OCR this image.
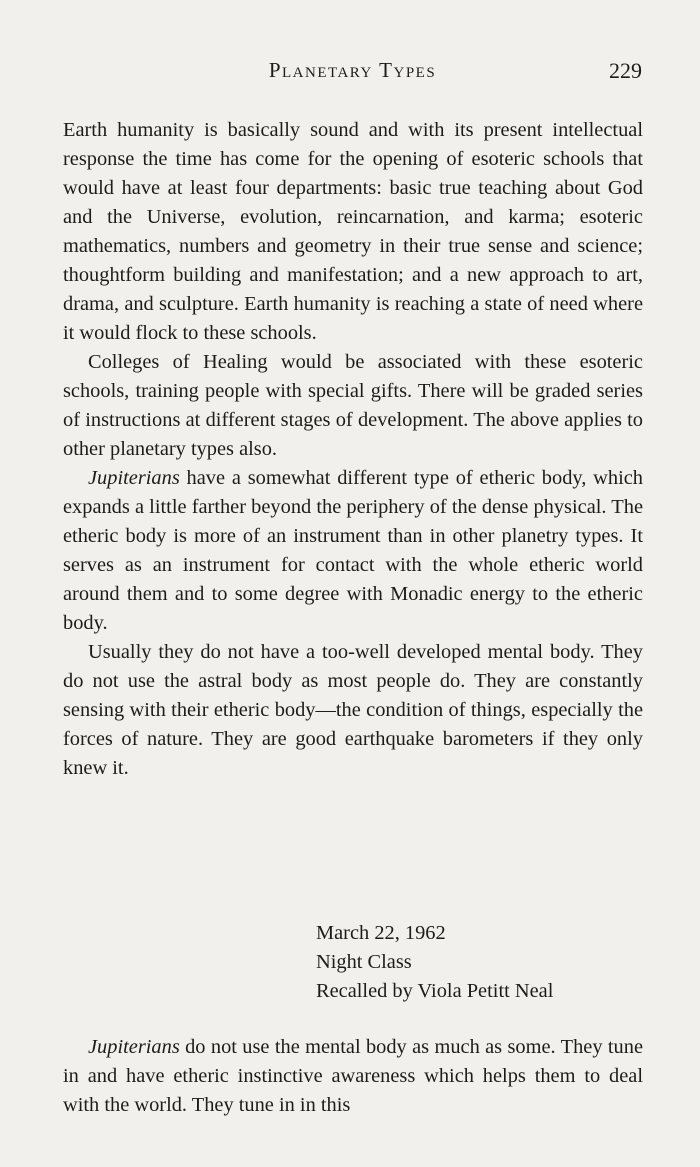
Planetary Types	229

Earth humanity is basically sound and with its present intellectual response the time has come for the opening of esoteric schools that would have at least four departments: basic true teaching about God and the Universe, evolution, reincarnation, and karma; esoteric mathematics, numbers and geometry in their true sense and science; thoughtform building and manifestation; and a new approach to art, drama, and sculpture. Earth humanity is reaching a state of need where it would flock to these schools.

Colleges of Healing would be associated with these esoteric schools, training people with special gifts. There will be graded series of instructions at different stages of development. The above applies to other planetary types also.

Jupiterians have a somewhat different type of etheric body, which expands a little farther beyond the periphery of the dense physical. The etheric body is more of an instrument than in other planetry types. It serves as an instrument for contact with the whole etheric world around them and to some degree with Monadic energy to the etheric body.

Usually they do not have a too-well developed mental body. They do not use the astral body as most people do. They are constantly sensing with their etheric body—the condition of things, especially the forces of nature. They are good earthquake barometers if they only knew it.

March 22, 1962
Night Class
Recalled by Viola Petitt Neal
Jupiterians do not use the mental body as much as some. They tune in and have etheric instinctive awareness which helps them to deal with the world. They tune in in this
